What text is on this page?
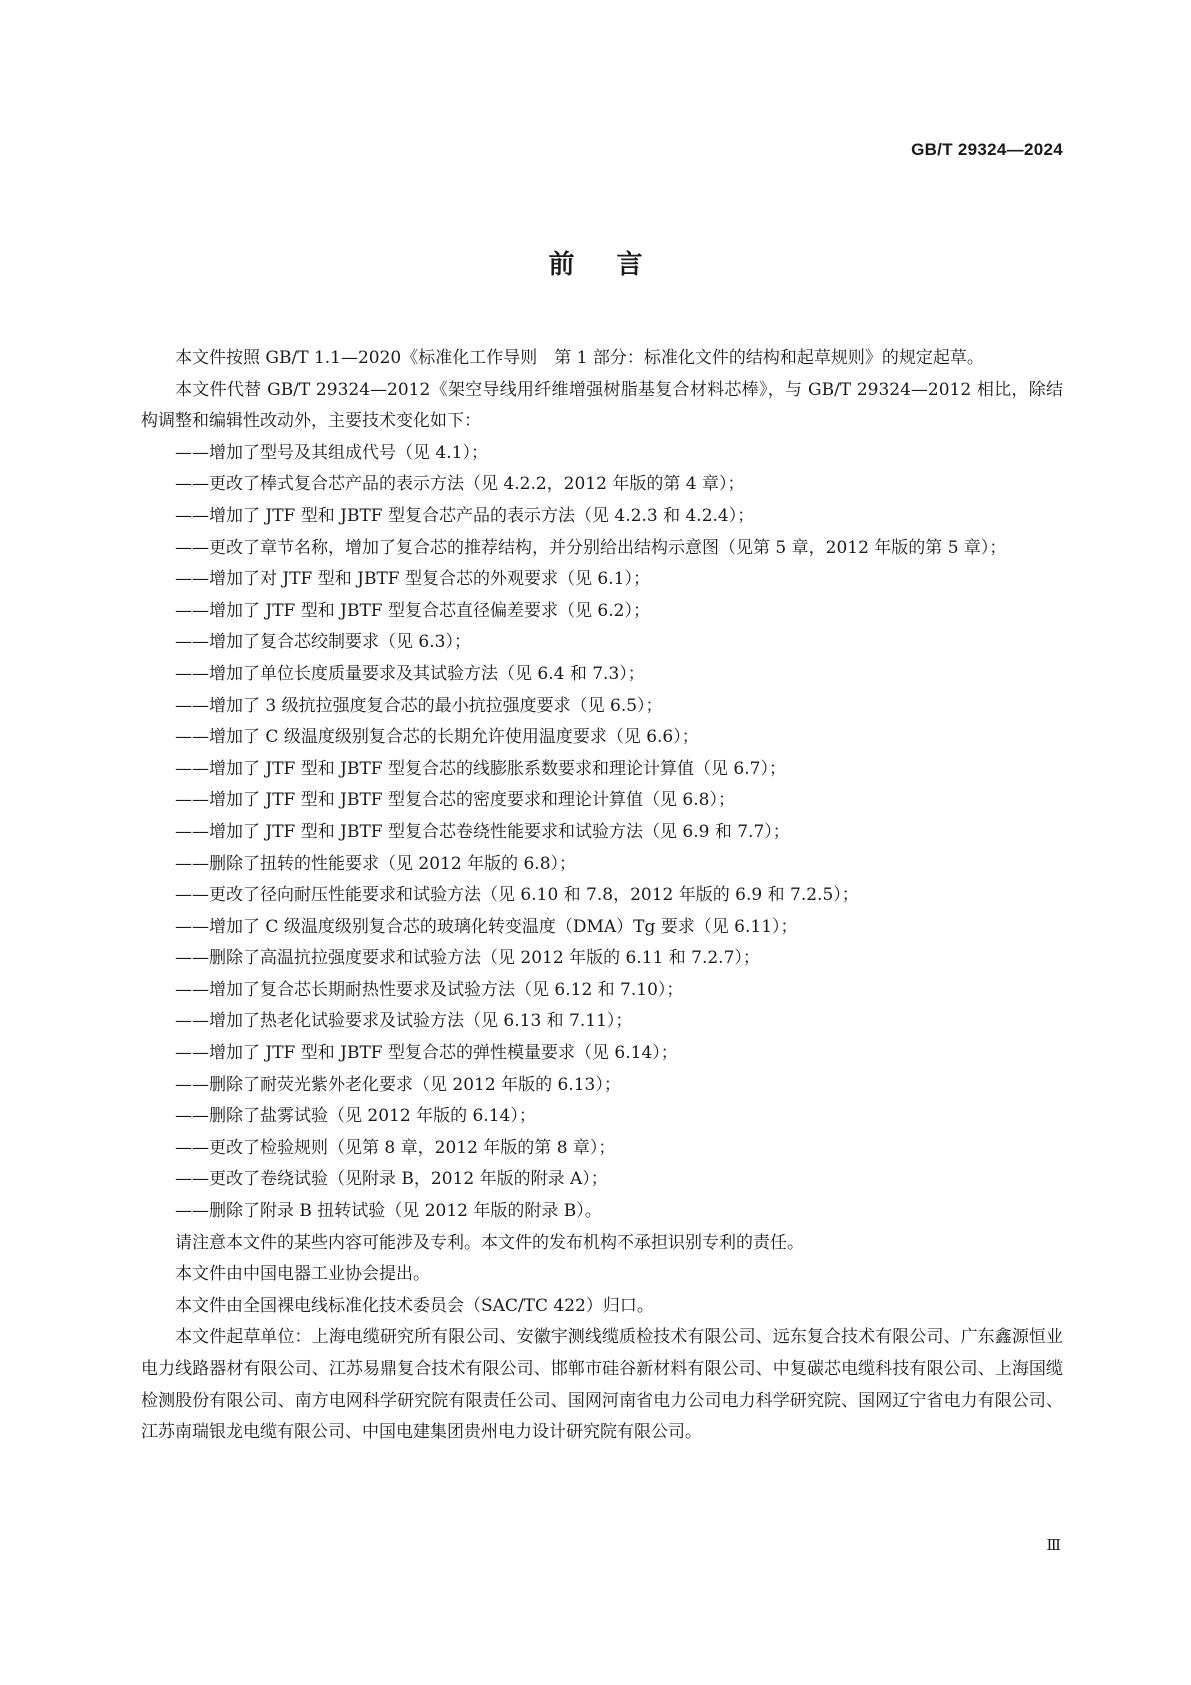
GB/T 29324—2024
前言

本文件按照 GB/T 1.1—2020《标准化工作导则　第 1 部分：标准化文件的结构和起草规则》的规定起草。

本文件代替 GB/T 29324—2012《架空导线用纤维增强树脂基复合材料芯棒》，与 GB/T 29324—2012 相比，除结构调整和编辑性改动外，主要技术变化如下：

——增加了型号及其组成代号（见 4.1）；

——更改了棒式复合芯产品的表示方法（见 4.2.2，2012 年版的第 4 章）；

——增加了 JTF 型和 JBTF 型复合芯产品的表示方法（见 4.2.3 和 4.2.4）；

——更改了章节名称，增加了复合芯的推荐结构，并分别给出结构示意图（见第 5 章，2012 年版的第 5 章）；

——增加了对 JTF 型和 JBTF 型复合芯的外观要求（见 6.1）；

——增加了 JTF 型和 JBTF 型复合芯直径偏差要求（见 6.2）；

——增加了复合芯绞制要求（见 6.3）；

——增加了单位长度质量要求及其试验方法（见 6.4 和 7.3）；

——增加了 3 级抗拉强度复合芯的最小抗拉强度要求（见 6.5）；

——增加了 C 级温度级别复合芯的长期允许使用温度要求（见 6.6）；

——增加了 JTF 型和 JBTF 型复合芯的线膨胀系数要求和理论计算值（见 6.7）；

——增加了 JTF 型和 JBTF 型复合芯的密度要求和理论计算值（见 6.8）；

——增加了 JTF 型和 JBTF 型复合芯卷绕性能要求和试验方法（见 6.9 和 7.7）；

——删除了扭转的性能要求（见 2012 年版的 6.8）；

——更改了径向耐压性能要求和试验方法（见 6.10 和 7.8，2012 年版的 6.9 和 7.2.5）；

——增加了 C 级温度级别复合芯的玻璃化转变温度（DMA）Tg 要求（见 6.11）；

——删除了高温抗拉强度要求和试验方法（见 2012 年版的 6.11 和 7.2.7）；

——增加了复合芯长期耐热性要求及试验方法（见 6.12 和 7.10）；

——增加了热老化试验要求及试验方法（见 6.13 和 7.11）；

——增加了 JTF 型和 JBTF 型复合芯的弹性模量要求（见 6.14）；

——删除了耐荧光紫外老化要求（见 2012 年版的 6.13）；

——删除了盐雾试验（见 2012 年版的 6.14）；

——更改了检验规则（见第 8 章，2012 年版的第 8 章）；

——更改了卷绕试验（见附录 B，2012 年版的附录 A）；

——删除了附录 B 扭转试验（见 2012 年版的附录 B）。

请注意本文件的某些内容可能涉及专利。本文件的发布机构不承担识别专利的责任。

本文件由中国电器工业协会提出。

本文件由全国裸电线标准化技术委员会（SAC/TC 422）归口。

本文件起草单位：上海电缆研究所有限公司、安徽宇测线缆质检技术有限公司、远东复合技术有限公司、广东鑫源恒业电力线路器材有限公司、江苏易鼎复合技术有限公司、邯郸市硅谷新材料有限公司、中复碳芯电缆科技有限公司、上海国缆检测股份有限公司、南方电网科学研究院有限责任公司、国网河南省电力公司电力科学研究院、国网辽宁省电力有限公司、江苏南瑞银龙电缆有限公司、中国电建集团贵州电力设计研究院有限公司。

Ⅲ
